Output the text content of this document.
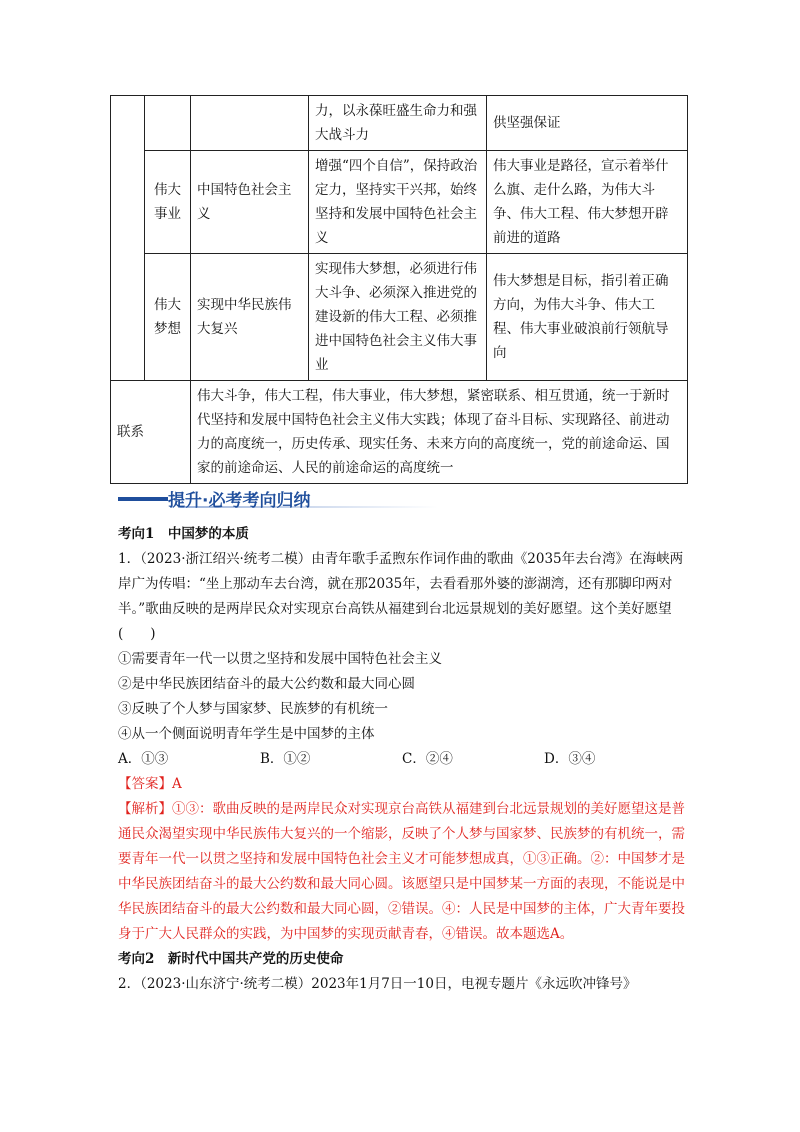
			力，以永葆旺盛生命力和强大战斗力	供坚强保证
	伟大事业	中国特色社会主义	增强“四个自信”，保持政治定力，坚持实干兴邦，始终坚持和发展中国特色社会主义	伟大事业是路径，宣示着举什么旗、走什么路，为伟大斗争、伟大工程、伟大梦想开辟前进的道路
	伟大梦想	实现中华民族伟大复兴	实现伟大梦想，必须进行伟大斗争、必须深入推进党的建设新的伟大工程、必须推进中国特色社会主义伟大事业	伟大梦想是目标，指引着正确方向，为伟大斗争、伟大工程、伟大事业破浪前行领航导向
联系		伟大斗争，伟大工程，伟大事业，伟大梦想，紧密联系、相互贯通，统一于新时代坚持和发展中国特色社会主义伟大实践；体现了奋斗目标、实现路径、前进动力的高度统一，历史传承、现实任务、未来方向的高度统一，党的前途命运、国家的前途命运、人民的前途命运的高度统一		
提升·必考考向归纳

考向1　中国梦的本质

1．（2023·浙江绍兴·统考二模）由青年歌手孟煦东作词作曲的歌曲《2035年去台湾》在海峡两岸广为传唱：“坐上那动车去台湾，就在那2035年，去看看那外婆的澎湖湾，还有那脚印两对半。”歌曲反映的是两岸民众对实现京台高铁从福建到台北远景规划的美好愿望。这个美好愿望(　　)

①需要青年一代一以贯之坚持和发展中国特色社会主义

②是中华民族团结奋斗的最大公约数和最大同心圆

③反映了个人梦与国家梦、民族梦的有机统一

④从一个侧面说明青年学生是中国梦的主体

A．①③	B．①②	C．②④	D．③④

【答案】A

【解析】①③：歌曲反映的是两岸民众对实现京台高铁从福建到台北远景规划的美好愿望这是普通民众渴望实现中华民族伟大复兴的一个缩影，反映了个人梦与国家梦、民族梦的有机统一，需要青年一代一以贯之坚持和发展中国特色社会主义才可能梦想成真，①③正确。②：中国梦才是中华民族团结奋斗的最大公约数和最大同心圆。该愿望只是中国梦某一方面的表现，不能说是中华民族团结奋斗的最大公约数和最大同心圆，②错误。④：人民是中国梦的主体，广大青年要投身于广大人民群众的实践，为中国梦的实现贡献青春，④错误。故本题选A。

考向2　新时代中国共产党的历史使命

2．（2023·山东济宁·统考二模）2023年1月7日一10日，电视专题片《永远吹冲锋号》
